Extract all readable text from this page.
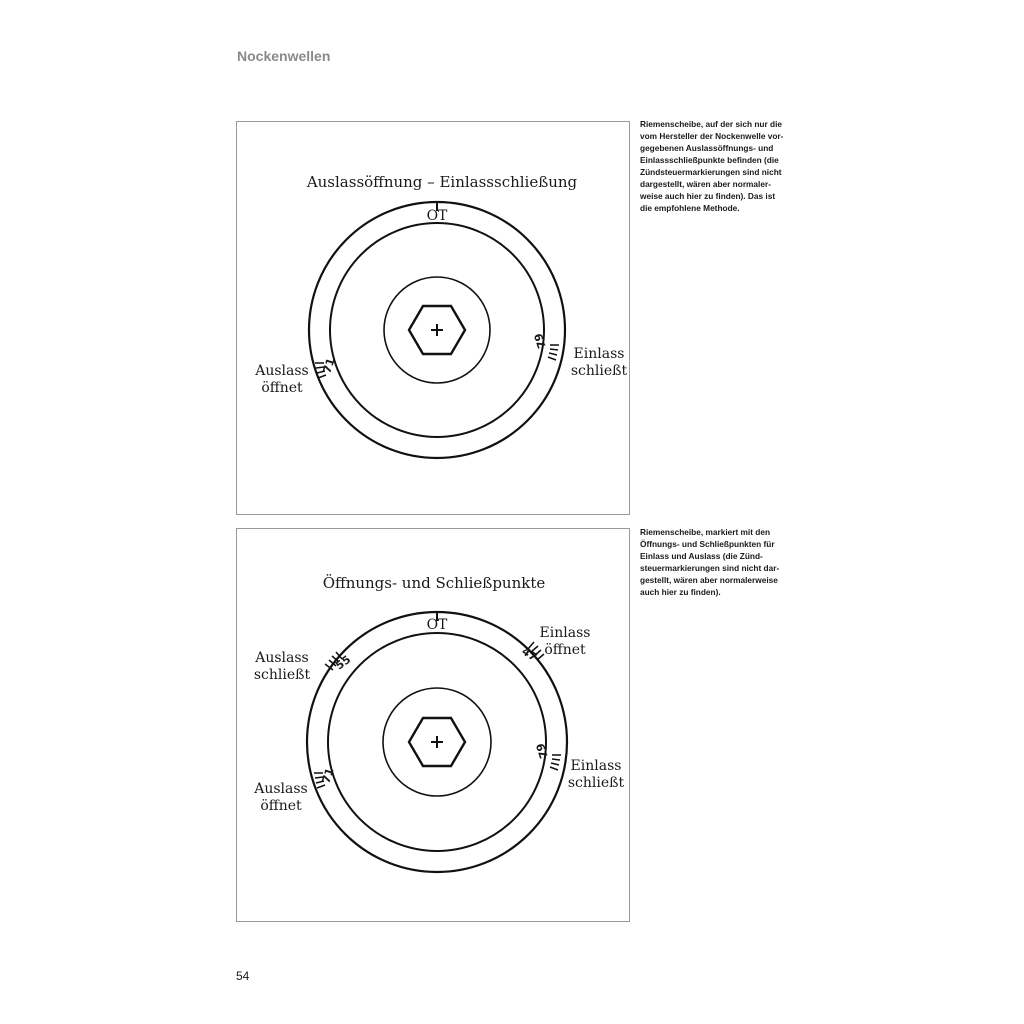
Nockenwellen
Auslassöffnung – Einlassschließung
OT
71
79
Auslass
öffnet
Einlass
schließt
Riemenscheibe, auf der sich nur die
vom Hersteller der Nockenwelle vor-
gegebenen Auslassöffnungs- und
Einlassschließpunkte befinden (die
Zündsteuermarkierungen sind nicht
dargestellt, wären aber normaler-
weise auch hier zu finden). Das ist
die empfohlene Methode.
Öffnungs- und Schließpunkte
OT
55	47
71
79
Auslass
schließt
Einlass
öffnet
Auslass
öffnet
Einlass
schließt
Riemenscheibe, markiert mit den
Öffnungs- und Schließpunkten für
Einlass und Auslass (die Zünd-
steuermarkierungen sind nicht dar-
gestellt, wären aber normalerweise
auch hier zu finden).
54
